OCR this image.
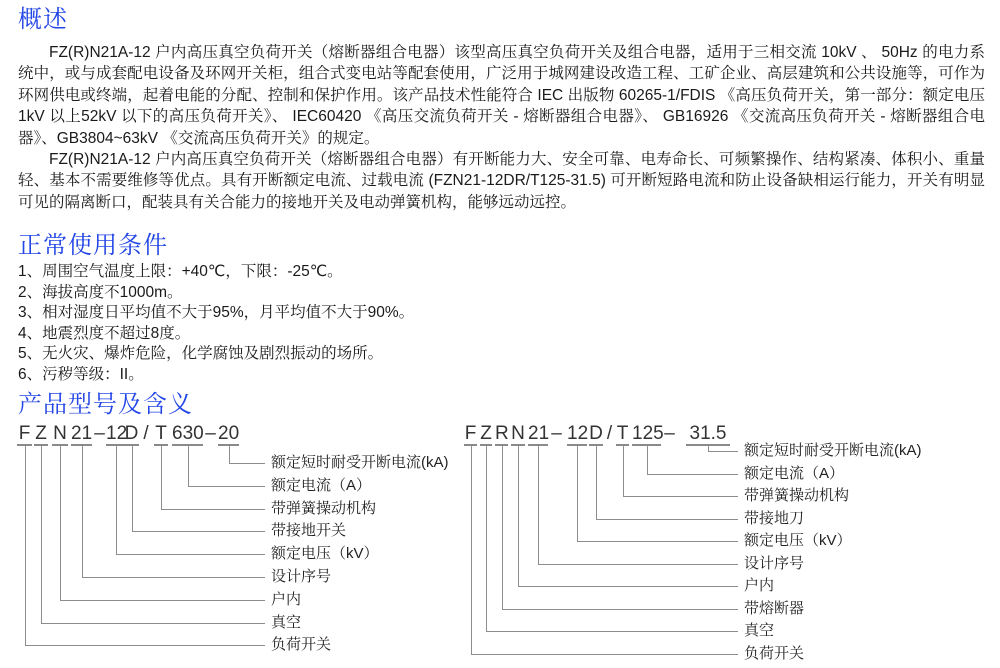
概述

FZ(R)N21A-12 户内高压真空负荷开关（熔断器组合电器）该型高压真空负荷开关及组合电器，适用于三相交流 10kV 、 50Hz 的电力系统中，或与成套配电设备及环网开关柜，组合式变电站等配套使用，广泛用于城网建设改造工程、工矿企业、高层建筑和公共设施等，可作为环网供电或终端，起着电能的分配、控制和保护作用。该产品技术性能符合 IEC 出版物 60265-1/FDIS 《高压负荷开关，第一部分：额定电压 1kV 以上52kV 以下的高压负荷开关》、 IEC60420 《高压交流负荷开关 - 熔断器组合电器》、 GB16926 《交流高压负荷开关 - 熔断器组合电器》、GB3804~63kV 《交流高压负荷开关》的规定。

FZ(R)N21A-12 户内高压真空负荷开关（熔断器组合电器）有开断能力大、安全可靠、电寿命长、可频繁操作、结构紧凑、体积小、重量轻、基本不需要维修等优点。具有开断额定电流、过载电流 (FZN21-12DR/T125-31.5) 可开断短路电流和防止设备缺相运行能力，开关有明显可见的隔离断口，配装具有关合能力的接地开关及电动弹簧机构，能够远动远控。

正常使用条件
1、周围空气温度上限：+40℃，下限：-25℃。
2、海拔高度不1000m。
3、相对湿度日平均值不大于95%，月平均值不大于90%。
4、地震烈度不超过8度。
5、无火灾、爆炸危险，化学腐蚀及剧烈振动的场所。
6、污秽等级：II。
产品型号及含义
F
负荷开关
Z
真空
N
户内
21
设计序号
– 12
额定电压（kV）
D
带接地开关
/ T
带弹簧操动机构
630
额定电流（A）
– 20
额定短时耐受开断电流(kA)
F
负荷开关
Z
真空
R
带熔断器
N
户内
21
设计序号
– 12
额定电压（kV）
D
带接地刀
/ T
带弹簧操动机构
125
额定电流（A）
– 31.5
额定短时耐受开断电流(kA)
